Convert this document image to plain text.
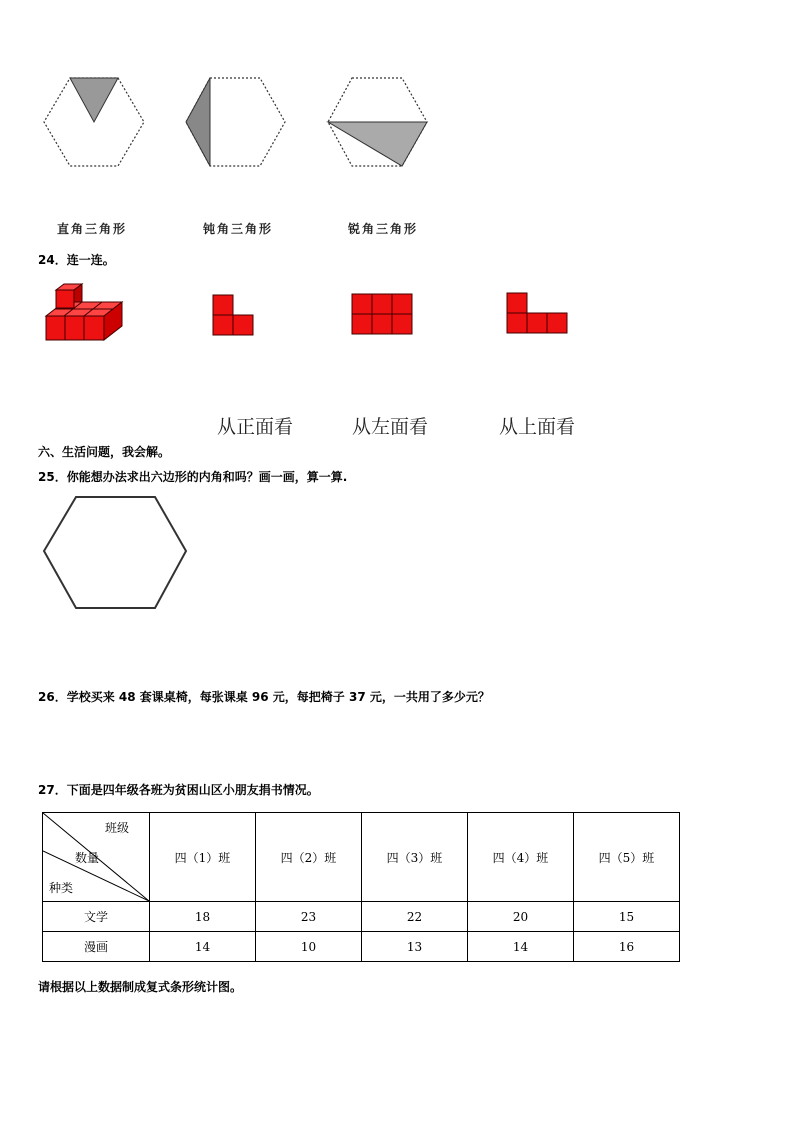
直角三角形	钝角三角形	锐角三角形
24．连一连。
从正面看	从左面看	从上面看
六、生活问题，我会解。
25．你能想办法求出六边形的内角和吗？画一画，算一算.
26．学校买来 48 套课桌椅，每张课桌 96 元，每把椅子 37 元，一共用了多少元？
27．下面是四年级各班为贫困山区小朋友捐书情况。
班级
数量
种类	四（1）班	四（2）班	四（3）班	四（4）班	四（5）班
文学	18	23	22	20	15
漫画	14	10	13	14	16
请根据以上数据制成复式条形统计图。
